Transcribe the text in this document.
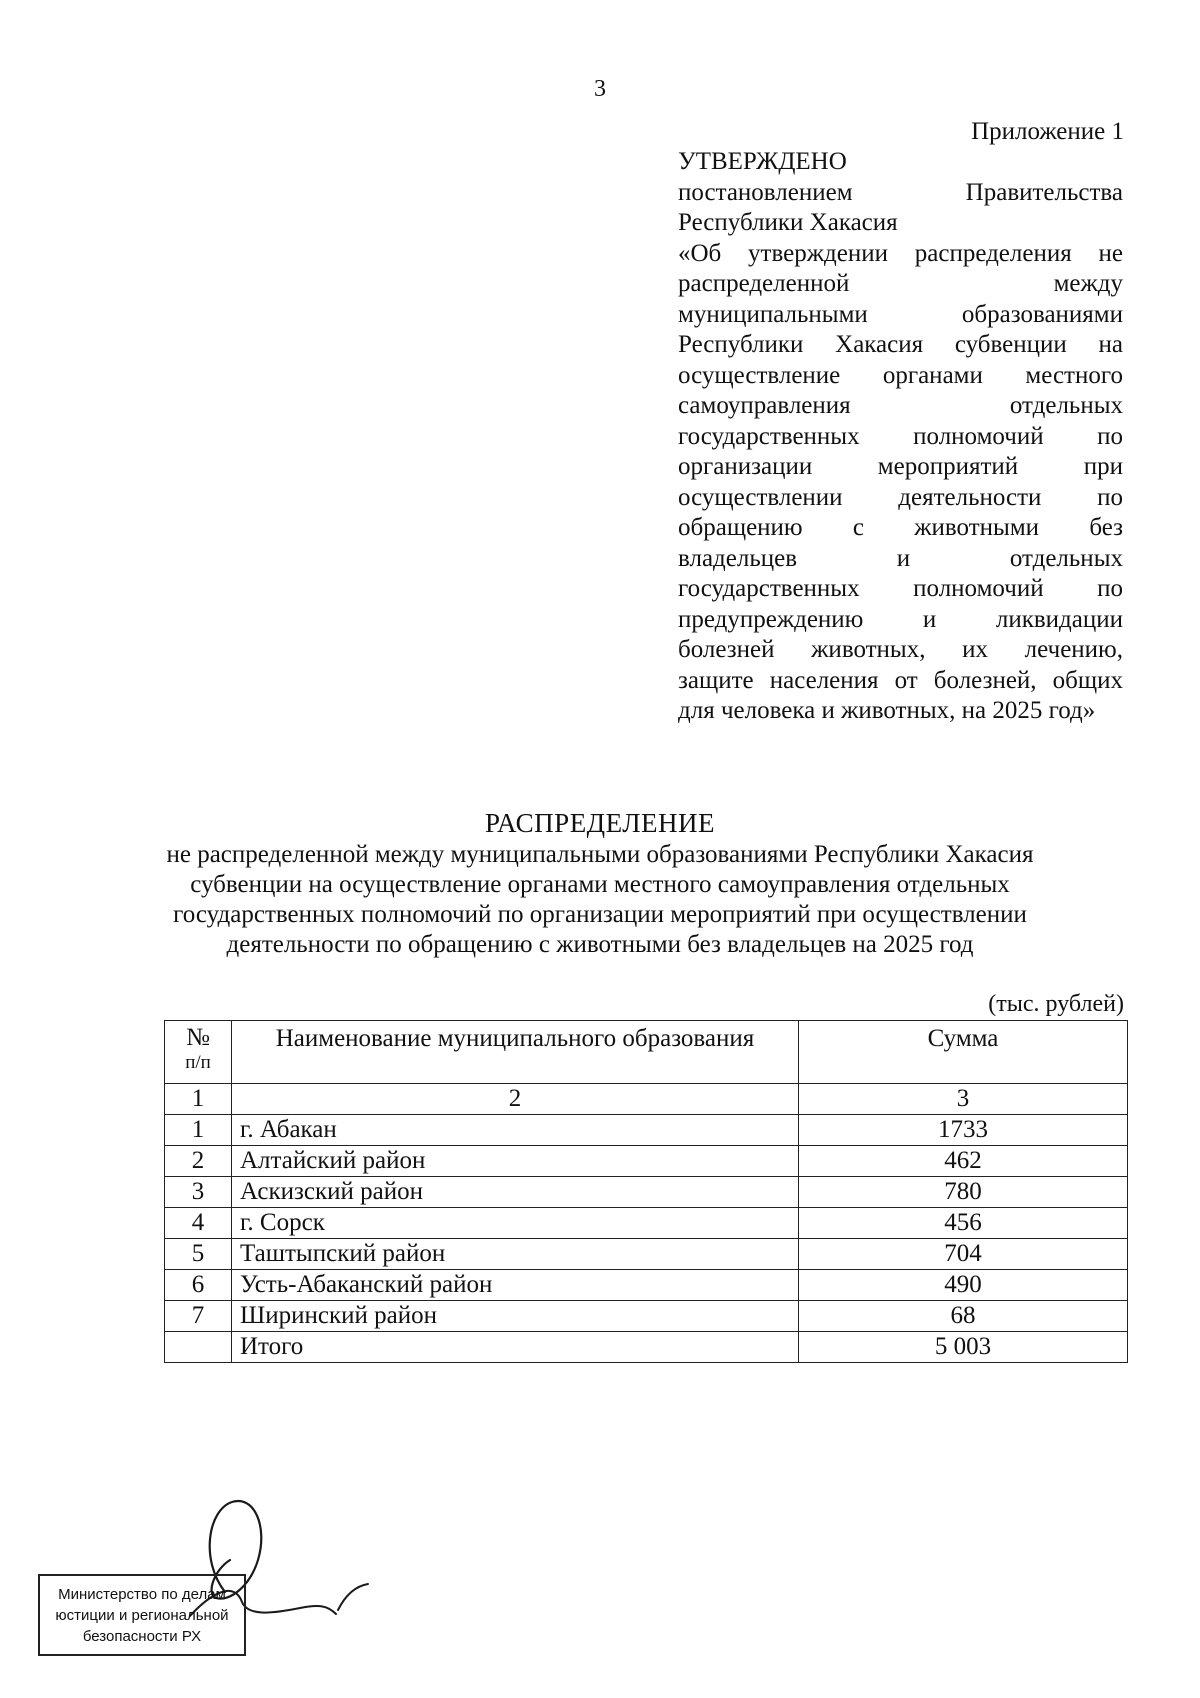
3
Приложение 1
УТВЕРЖДЕНО
постановлением Правительства
Республики Хакасия
«Об утверждении распределения не
распределенной между
муниципальными образованиями
Республики Хакасия субвенции на
осуществление органами местного
самоуправления отдельных
государственных полномочий по
организации мероприятий при
осуществлении деятельности по
обращению с животными без
владельцев и отдельных
государственных полномочий по
предупреждению и ликвидации
болезней животных, их лечению,
защите населения от болезней, общих
для человека и животных, на 2025 год»
РАСПРЕДЕЛЕНИЕ
не распределенной между муниципальными образованиями Республики Хакасия
субвенции на осуществление органами местного самоуправления отдельных
государственных полномочий по организации мероприятий при осуществлении
деятельности по обращению с животными без владельцев на 2025 год
(тыс. рублей)
№
п/п	Наименование муниципального образования	Сумма
1	2	3
1	г. Абакан	1733
2	Алтайский район	462
3	Аскизский район	780
4	г. Сорск	456
5	Таштыпский район	704
6	Усть-Абаканский район	490
7	Ширинский район	68
	Итого	5 003
Министерство по делам
юстиции и региональной
безопасности РХ
